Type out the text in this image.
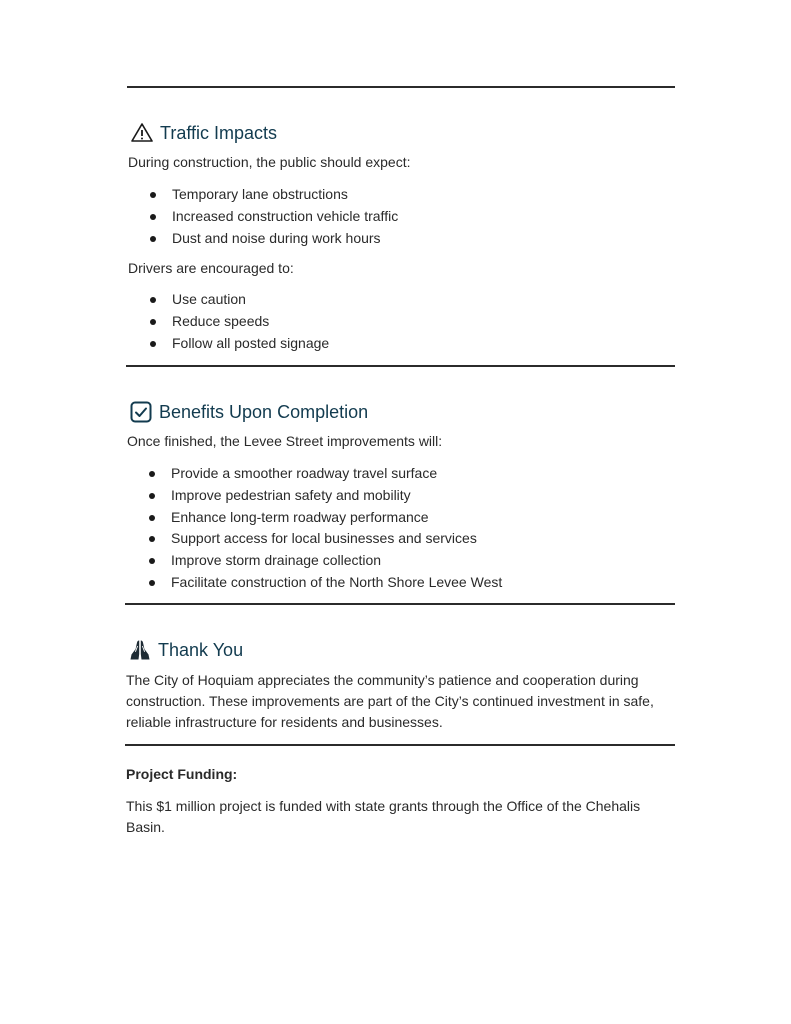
Traffic Impacts
During construction, the public should expect:
Temporary lane obstructions
Increased construction vehicle traffic
Dust and noise during work hours
Drivers are encouraged to:
Use caution
Reduce speeds
Follow all posted signage
Benefits Upon Completion
Once finished, the Levee Street improvements will:
Provide a smoother roadway travel surface
Improve pedestrian safety and mobility
Enhance long-term roadway performance
Support access for local businesses and services
Improve storm drainage collection
Facilitate construction of the North Shore Levee West
Thank You
The City of Hoquiam appreciates the community’s patience and cooperation during
construction. These improvements are part of the City’s continued investment in safe,
reliable infrastructure for residents and businesses.
Project Funding:
This $1 million project is funded with state grants through the Office of the Chehalis
Basin.
